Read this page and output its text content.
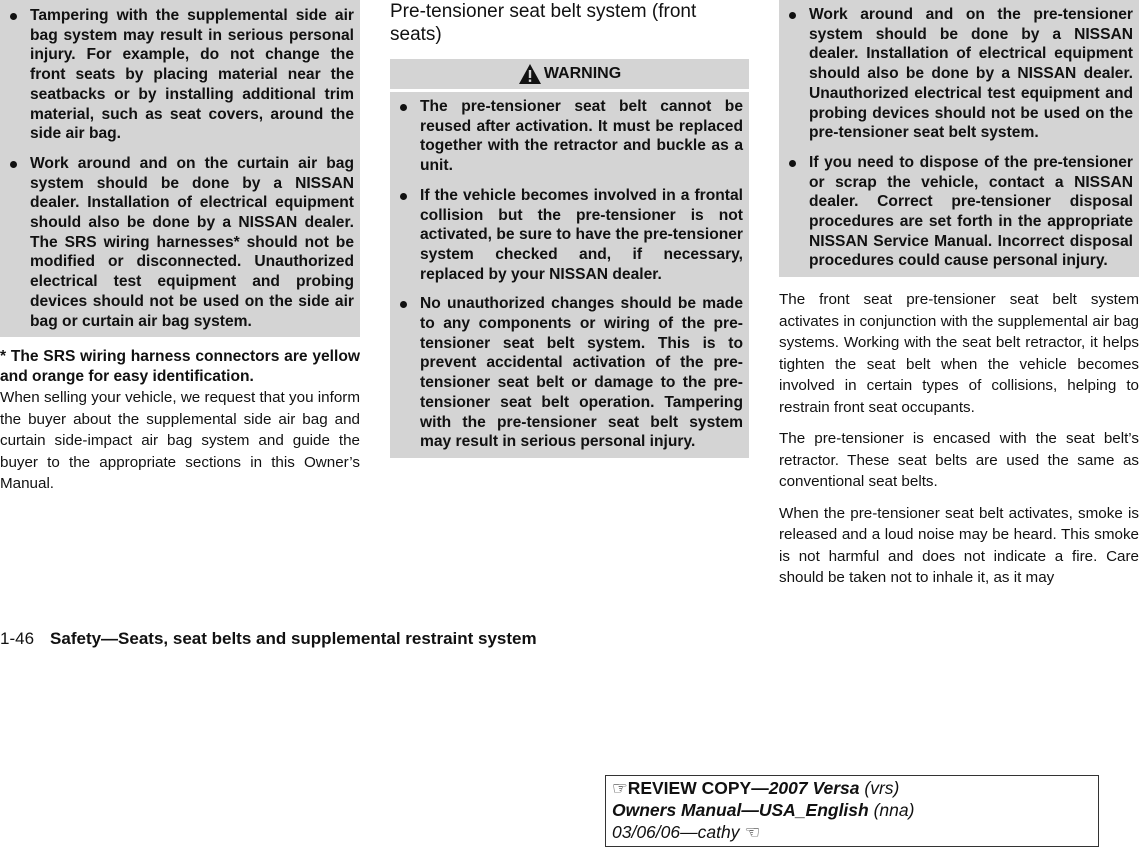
Tampering with the supplemental side air bag system may result in serious personal injury. For example, do not change the front seats by placing material near the seatbacks or by installing additional trim material, such as seat covers, around the side air bag.
Work around and on the curtain air bag system should be done by a NISSAN dealer. Installation of electrical equipment should also be done by a NISSAN dealer. The SRS wiring harnesses* should not be modified or disconnected. Unauthorized electrical test equipment and probing devices should not be used on the side air bag or curtain air bag system.

* The SRS wiring harness connectors are yellow and orange for easy identification.

When selling your vehicle, we request that you inform the buyer about the supplemental side air bag and curtain side-impact air bag system and guide the buyer to the appropriate sections in this Owner’s Manual.

Pre-tensioner seat belt system (front seats)
WARNING
The pre-tensioner seat belt cannot be reused after activation. It must be replaced together with the retractor and buckle as a unit.
If the vehicle becomes involved in a frontal collision but the pre-tensioner is not activated, be sure to have the pre-tensioner system checked and, if necessary, replaced by your NISSAN dealer.
No unauthorized changes should be made to any components or wiring of the pre-tensioner seat belt system. This is to prevent accidental activation of the pre-tensioner seat belt or damage to the pre-tensioner seat belt operation. Tampering with the pre-tensioner seat belt system may result in serious personal injury.
Work around and on the pre-tensioner system should be done by a NISSAN dealer. Installation of electrical equipment should also be done by a NISSAN dealer. Unauthorized electrical test equipment and probing devices should not be used on the pre-tensioner seat belt system.
If you need to dispose of the pre-tensioner or scrap the vehicle, contact a NISSAN dealer. Correct pre-tensioner disposal procedures are set forth in the appropriate NISSAN Service Manual. Incorrect disposal procedures could cause personal injury.

The front seat pre-tensioner seat belt system activates in conjunction with the supplemental air bag systems. Working with the seat belt retractor, it helps tighten the seat belt when the vehicle becomes involved in certain types of collisions, helping to restrain front seat occupants.

The pre-tensioner is encased with the seat belt’s retractor. These seat belts are used the same as conventional seat belts.

When the pre-tensioner seat belt activates, smoke is released and a loud noise may be heard. This smoke is not harmful and does not indicate a fire. Care should be taken not to inhale it, as it may

1-46 Safety—Seats, seat belts and supplemental restraint system
☞REVIEW COPY—2007 Versa (vrs)
Owners Manual—USA_English (nna)
03/06/06—cathy ☜
